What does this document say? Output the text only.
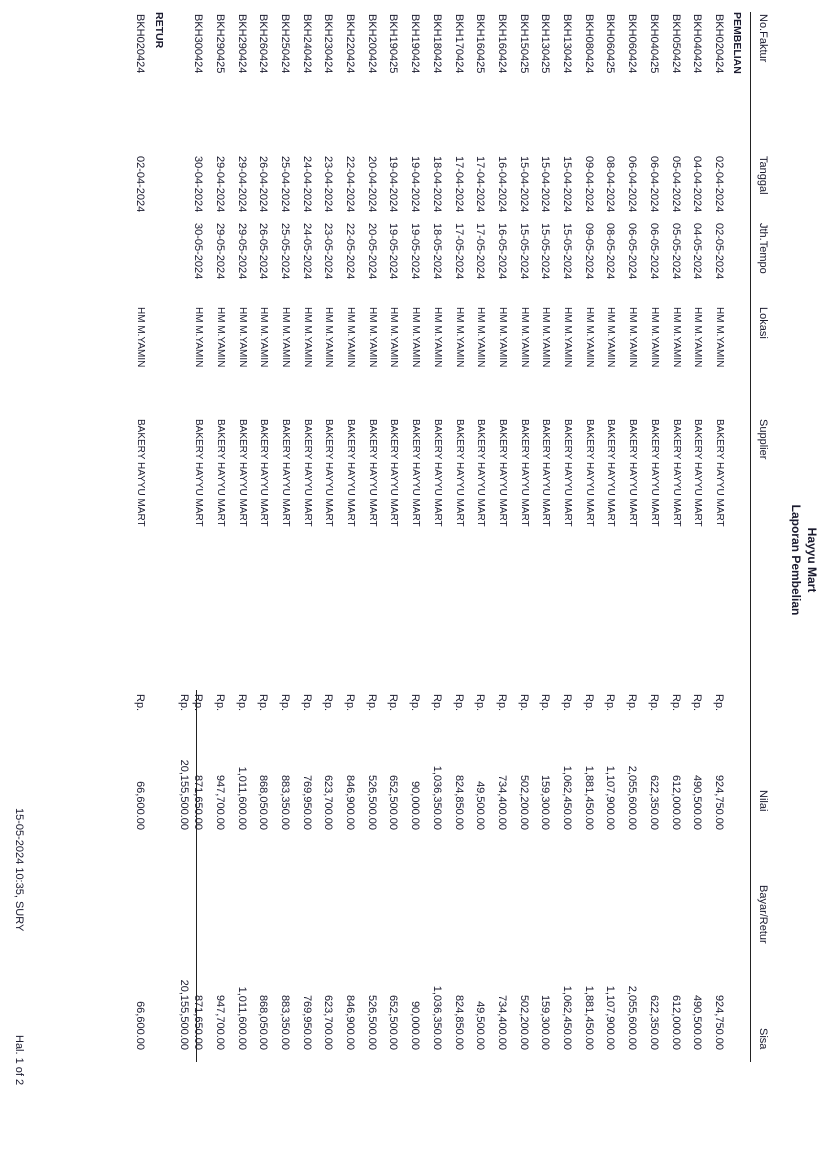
Hayyu Mart
Laporan Pembelian
No.Faktur
Tanggal
Jth.Tempo
Lokasi
Supplier
Nilai
Bayar/Retur
Sisa
PEMBELIAN
BKH020424
02-04-2024
02-05-2024
HM M.YAMIN
BAKERY HAYYU MART
Rp.
924,750.00
924,750.00
BKH040424
04-04-2024
04-05-2024
HM M.YAMIN
BAKERY HAYYU MART
Rp.
490,500.00
490,500.00
BKH050424
05-04-2024
05-05-2024
HM M.YAMIN
BAKERY HAYYU MART
Rp.
612,000.00
612,000.00
BKH040425
06-04-2024
06-05-2024
HM M.YAMIN
BAKERY HAYYU MART
Rp.
622,350.00
622,350.00
BKH060424
06-04-2024
06-05-2024
HM M.YAMIN
BAKERY HAYYU MART
Rp.
2,055,600.00
2,055,600.00
BKH060425
08-04-2024
08-05-2024
HM M.YAMIN
BAKERY HAYYU MART
Rp.
1,107,900.00
1,107,900.00
BKH080424
09-04-2024
09-05-2024
HM M.YAMIN
BAKERY HAYYU MART
Rp.
1,881,450.00
1,881,450.00
BKH130424
15-04-2024
15-05-2024
HM M.YAMIN
BAKERY HAYYU MART
Rp.
1,062,450.00
1,062,450.00
BKH130425
15-04-2024
15-05-2024
HM M.YAMIN
BAKERY HAYYU MART
Rp.
159,300.00
159,300.00
BKH150425
15-04-2024
15-05-2024
HM M.YAMIN
BAKERY HAYYU MART
Rp.
502,200.00
502,200.00
BKH160424
16-04-2024
16-05-2024
HM M.YAMIN
BAKERY HAYYU MART
Rp.
734,400.00
734,400.00
BKH160425
17-04-2024
17-05-2024
HM M.YAMIN
BAKERY HAYYU MART
Rp.
49,500.00
49,500.00
BKH170424
17-04-2024
17-05-2024
HM M.YAMIN
BAKERY HAYYU MART
Rp.
824,850.00
824,850.00
BKH180424
18-04-2024
18-05-2024
HM M.YAMIN
BAKERY HAYYU MART
Rp.
1,036,350.00
1,036,350.00
BKH190424
19-04-2024
19-05-2024
HM M.YAMIN
BAKERY HAYYU MART
Rp.
90,000.00
90,000.00
BKH190425
19-04-2024
19-05-2024
HM M.YAMIN
BAKERY HAYYU MART
Rp.
652,500.00
652,500.00
BKH200424
20-04-2024
20-05-2024
HM M.YAMIN
BAKERY HAYYU MART
Rp.
526,500.00
526,500.00
BKH220424
22-04-2024
22-05-2024
HM M.YAMIN
BAKERY HAYYU MART
Rp.
846,900.00
846,900.00
BKH230424
23-04-2024
23-05-2024
HM M.YAMIN
BAKERY HAYYU MART
Rp.
623,700.00
623,700.00
BKH240424
24-04-2024
24-05-2024
HM M.YAMIN
BAKERY HAYYU MART
Rp.
769,950.00
769,950.00
BKH250424
25-04-2024
25-05-2024
HM M.YAMIN
BAKERY HAYYU MART
Rp.
883,350.00
883,350.00
BKH260424
26-04-2024
26-05-2024
HM M.YAMIN
BAKERY HAYYU MART
Rp.
868,050.00
868,050.00
BKH290424
29-04-2024
29-05-2024
HM M.YAMIN
BAKERY HAYYU MART
Rp.
1,011,600.00
1,011,600.00
BKH290425
29-04-2024
29-05-2024
HM M.YAMIN
BAKERY HAYYU MART
Rp.
947,700.00
947,700.00
BKH300424
30-04-2024
30-05-2024
HM M.YAMIN
BAKERY HAYYU MART
Rp.
871,650.00
871,650.00
Rp.
20,155,500.00
20,155,500.00
RETUR
BKH020424
02-04-2024
HM M.YAMIN
BAKERY HAYYU MART
Rp.
66,600.00
66,600.00
15-05-2024 10:35, SURY
Hal. 1 of 2
